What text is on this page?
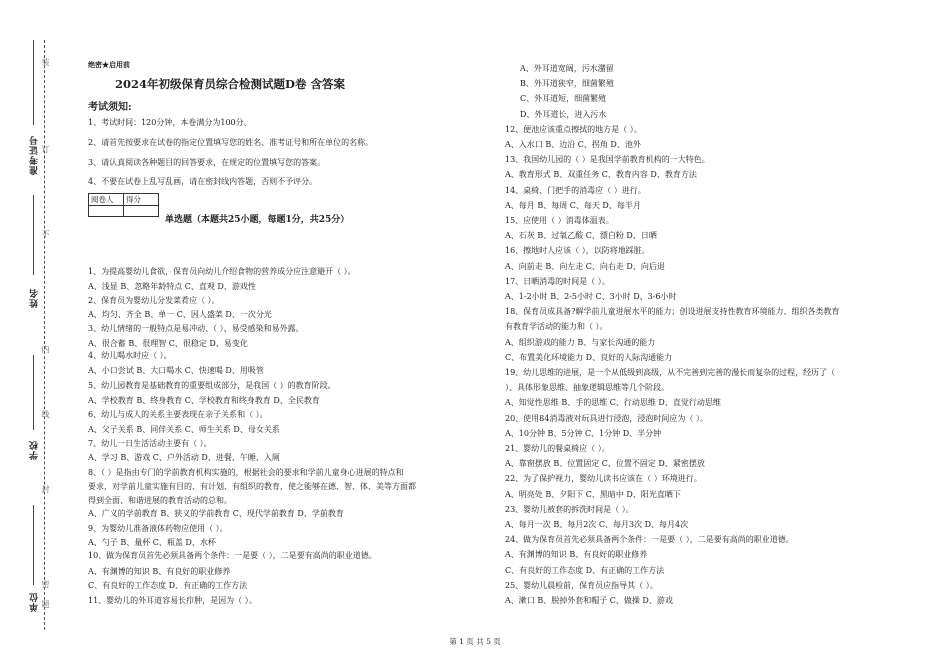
准考证号
姓名
学校
单位
装
订
不
内
线
封
密
题
绝密★启用前
2024年初级保育员综合检测试题D卷 含答案
考试须知:
1、考试时间：120分钟，本卷满分为100分。
2、请首先按要求在试卷的指定位置填写您的姓名、准考证号和所在单位的名称。
3、请认真阅读各种题目的回答要求，在规定的位置填写您的答案。
4、不要在试卷上乱写乱画，请在密封线内答题，否则不予评分。
阅卷人	得分

单选题（本题共25小题，每题1分，共25分）
1、为提高婴幼儿食欲，保育员向幼儿介绍食物的营养成分应注意避开（ ）。
A、浅显 B、忽略年龄特点 C、直观 D、游戏性
2、保育员为婴幼儿分发菜肴应（ ）。
A、均匀、齐全 B、单一 C、因人盛菜 D、一次分光
3、幼儿情绪的一般特点是易冲动、（ ）、易受感染和易外露。
A、很合蓄 B、很理智 C、很稳定 D、易变化
4、幼儿喝水时应（ ）。
A、小口尝试 B、大口喝水 C、快速喝 D、用吸管
5、幼儿园教育是基础教育的重要组成部分，是我国（ ）的教育阶段。
A、学校教育 B、终身教育 C、学校教育和终身教育 D、全民教育
6、幼儿与成人的关系主要表现在亲子关系和（ ）。
A、父子关系 B、同伴关系 C、师生关系 D、母女关系
7、幼儿一日生活活动主要有（ ）。
A、学习 B、游戏 C、户外活动 D、进餐、午睡、入厕
8、（ ）是指由专门的学前教育机构实施的，根据社会的要求和学前儿童身心进展的特点和
要求，对学前儿童实施有目的、有计划、有组织的教育，使之能够在德、智、体、美等方面都
得到全面、和谐进展的教育活动的总和。
A、广义的学前教育 B、狭义的学前教育 C、现代学前教育 D、学前教育
9、为婴幼儿准备液体药物应使用（ ）。
A、勺子 B、量杯 C、瓶盖 D、水杯
10、做为保育员首先必须具备两个条件：一是要（ ），二是要有高尚的职业道德。
A、有渊博的知识 B、有良好的职业修养
C、有良好的工作态度 D、有正确的工作方法
11、婴幼儿的外耳道容易长疖肿，是因为（ ）。
A、外耳道宽阔，污水潴留
B、外耳道狭窄，细菌繁殖
C、外耳道短，细菌繁殖
D、外耳道长，进入污水
12、便池应该重点擦拭的地方是（ ）。
A、入水口 B、边沿 C、拐角 D、池外
13、我国幼儿园的（ ）是我国学前教育机构的一大特色。
A、教育形式 B、双重任务 C、教育内容 D、教育方法
14、桌椅、门把手的消毒应（ ）进行。
A、每月 B、每周 C、每天 D、每半月
15、应使用（ ）消毒体温表。
A、石灰 B、过氧乙酸 C、漂白粉 D、日晒
16、擦地时人应该（ ），以防将地踩脏。
A、向前走 B、向左走 C、向右走 D、向后退
17、日晒消毒的时间是（ ）。
A、1-2小时 B、2-5小时 C、3小时 D、3-6小时
18、保育员成具备?解学前儿童进展水平的能力；创设进展支持性教育环境能力、组织各类教育
有教育学活动的能力和（ ）。
A、组织游戏的能力 B、与家长沟通的能力
C、布置美化环境能力 D、良好的人际沟通能力
19、幼儿思维的进展，是一个从低级到高级，从不完善到完善的漫长而复杂的过程，经历了（
）、具体形象思维、抽象逻辑思维等几个阶段。
A、知觉性思维 B、手的思维 C、行动思维 D、直觉行动思维
20、使用84消毒液对玩具进行浸泡，浸泡时间应为（ ）。
A、10分钟 B、5分钟 C、1分钟 D、半分钟
21、婴幼儿的餐桌椅应（ ）。
A、靠窗摆放 B、位置固定 C、位置不固定 D、紧密摆放
22、为了保护视力，婴幼儿读书应该在（ ）环境进行。
A、明亮处 B、夕阳下 C、黑暗中 D、阳光直晒下
23、婴幼儿被套的拆洗时间是（ ）。
A、每月一次 B、每月2次 C、每月3次 D、每月4次
24、做为保育员首先必须具备两个条件：一是要（ ），二是要有高尚的职业道德。
A、有渊博的知识 B、有良好的职业修养
C、有良好的工作态度 D、有正确的工作方法
25、婴幼儿晨检前，保育员应指导其（ ）。
A、漱口 B、脱掉外套和帽子 C、做操 D、游戏
第 1 页 共 5 页
